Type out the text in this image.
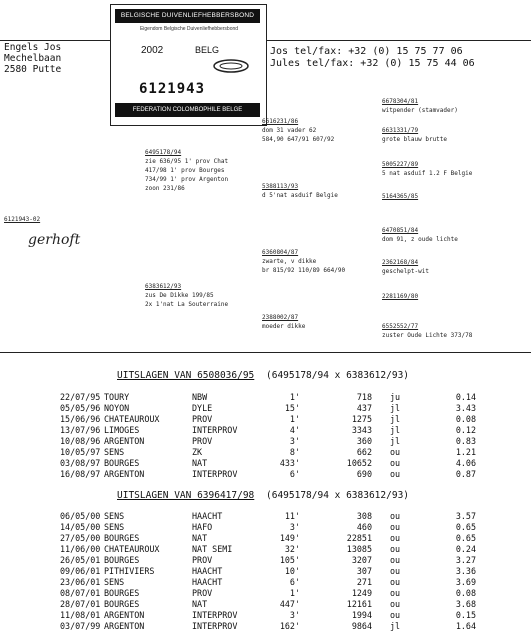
Engels Jos
Mechelbaan
2580 Putte
Jos tel/fax: +32 (0) 15 75 77 06
Jules tel/fax: +32 (0) 15 75 44 06
BELGISCHE DUIVENLIEFHEBBERSBOND
Eigendom Belgische Duivenliefhebbersbond
2002	BELG
6121943
FEDERATION COLOMBOPHILE BELGE
6121943-02
gerhoft
6495178/94
zie 636/95 1' prov Chat
417/98 1' prov Bourges
734/99 1' prov Argenton
zoon 231/86
6383612/93
zus De Dikke 199/85
2x 1'nat La Souterraine
5388113/93
d 5'nat asduif Belgie
6616231/86
dom 31 vader 62
584,90 647/91 607/92
6360804/87
zwarte, v dikke
br 815/92 110/89 664/90
2388002/87
moeder dikke
6678304/81
witpender (stamvader)
6631331/79
grote blauw brutte
5005227/89
5 nat asduif 1.2 F Belgie
5164365/85
6470851/84
dom 91, z oude lichte
2362168/84
geschelpt-wit
2281169/80
6552552/77
zuster Oude Lichte 373/78
UITSLAGEN VAN 6508036/95 (6495178/94 x 6383612/93)
22/07/95 TOURY	NBW	1'	718 ju	0.14
05/05/96 NOYON	DYLE	15'	437 jl	3.43
15/06/96 CHATEAUROUX	PROV	1'	1275 jl	0.08
13/07/96 LIMOGES	INTERPROV	4'	3343 jl	0.12
10/08/96 ARGENTON	PROV	3'	360 jl	0.83
10/05/97 SENS	ZK	8'	662 ou	1.21
03/08/97 BOURGES	NAT	433'	10652 ou	4.06
16/08/97 ARGENTON	INTERPROV	6'	690 ou	0.87
UITSLAGEN VAN 6396417/98 (6495178/94 x 6383612/93)
06/05/00 SENS	HAACHT	11'	308 ou	3.57
14/05/00 SENS	HAFO	3'	460 ou	0.65
27/05/00 BOURGES	NAT	149'	22851 ou	0.65
11/06/00 CHATEAUROUX	NAT SEMI	32'	13085 ou	0.24
26/05/01 BOURGES	PROV	105'	3207 ou	3.27
09/06/01 PITHIVIERS	HAACHT	10'	307 ou	3.36
23/06/01 SENS	HAACHT	6'	271 ou	3.69
08/07/01 BOURGES	PROV	1'	1249 ou	0.08
28/07/01 BOURGES	NAT	447'	12161 ou	3.68
11/08/01 ARGENTON	INTERPROV	3'	1994 ou	0.15
03/07/99 ARGENTON	INTERPROV	162'	9864 jl	1.64
